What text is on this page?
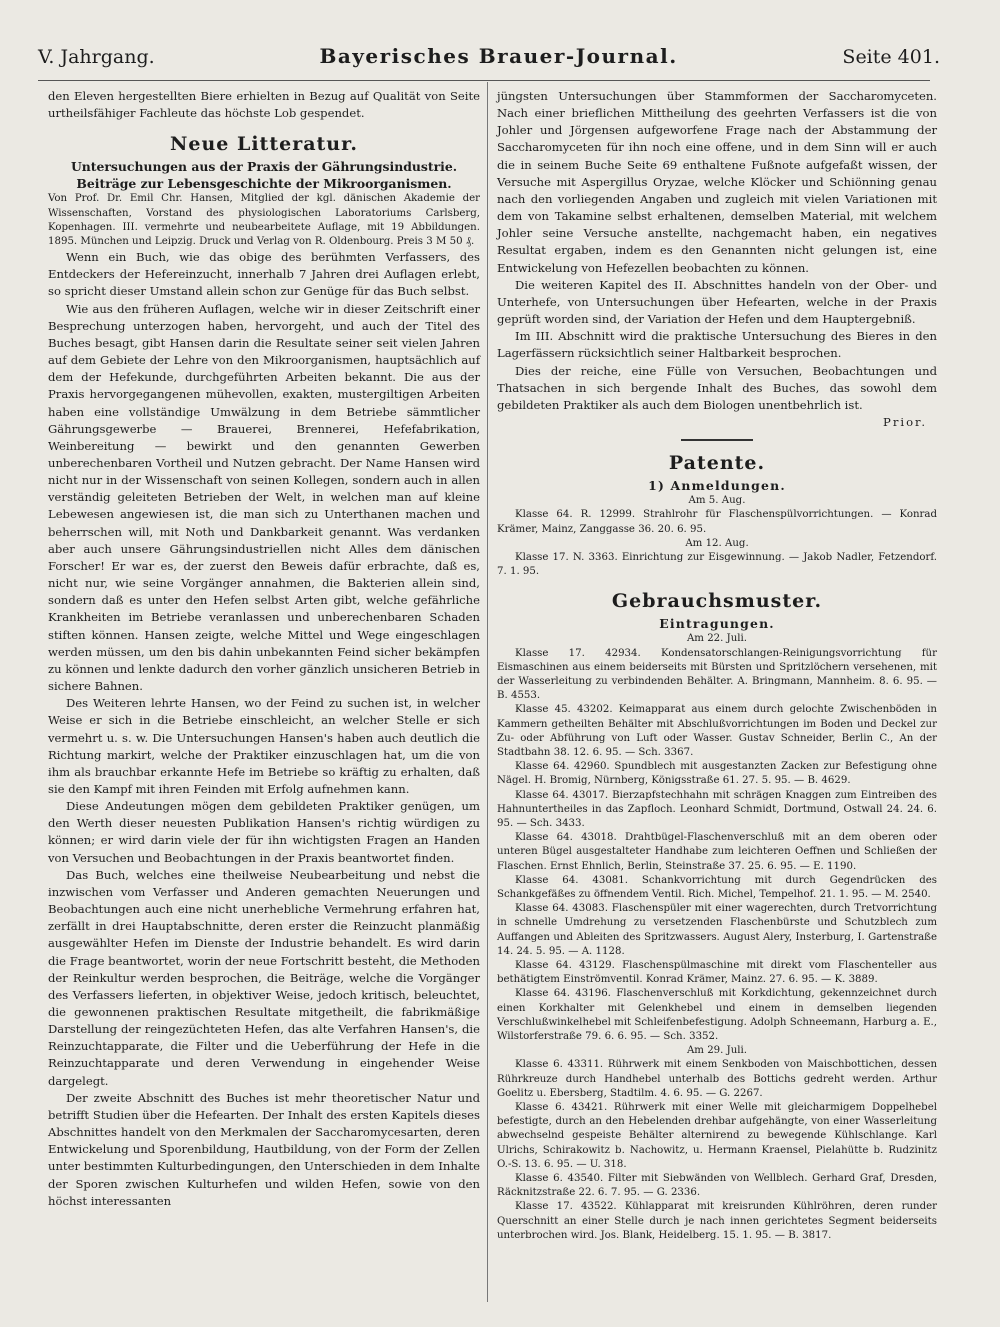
V. Jahrgang.	Bayerisches Brauer-Journal.	Seite 401.

den Eleven hergestellten Biere erhielten in Bezug auf Qualität von Seite urtheilsfähiger Fachleute das höchste Lob gespendet.

Neue Litteratur.
Untersuchungen aus der Praxis der Gährungsindustrie.
Beiträge zur Lebensgeschichte der Mikroorganismen.

Von Prof. Dr. Emil Chr. Hansen, Mitglied der kgl. dänischen Akademie der Wissenschaften, Vorstand des physiologischen Laboratoriums Carlsberg, Kopenhagen. III. vermehrte und neubearbeitete Auflage, mit 19 Abbildungen. 1895. München und Leipzig. Druck und Verlag von R. Oldenbourg. Preis 3 M 50 ₰.

Wenn ein Buch, wie das obige des berühmten Verfassers, des Entdeckers der Hefereinzucht, innerhalb 7 Jahren drei Auflagen erlebt, so spricht dieser Umstand allein schon zur Genüge für das Buch selbst.

Wie aus den früheren Auflagen, welche wir in dieser Zeitschrift einer Besprechung unterzogen haben, hervorgeht, und auch der Titel des Buches besagt, gibt Hansen darin die Resultate seiner seit vielen Jahren auf dem Gebiete der Lehre von den Mikroorganismen, hauptsächlich auf dem der Hefekunde, durchgeführten Arbeiten bekannt. Die aus der Praxis hervorgegangenen mühevollen, exakten, mustergiltigen Arbeiten haben eine vollständige Umwälzung in dem Betriebe sämmtlicher Gährungsgewerbe — Brauerei, Brennerei, Hefefabrikation, Weinbereitung — bewirkt und den genannten Gewerben unberechenbaren Vortheil und Nutzen gebracht. Der Name Hansen wird nicht nur in der Wissenschaft von seinen Kollegen, sondern auch in allen verständig geleiteten Betrieben der Welt, in welchen man auf kleine Lebewesen angewiesen ist, die man sich zu Unterthanen machen und beherrschen will, mit Noth und Dankbarkeit genannt. Was verdanken aber auch unsere Gährungsindustriellen nicht Alles dem dänischen Forscher! Er war es, der zuerst den Beweis dafür erbrachte, daß es, nicht nur, wie seine Vorgänger annahmen, die Bakterien allein sind, sondern daß es unter den Hefen selbst Arten gibt, welche gefährliche Krankheiten im Betriebe veranlassen und unberechenbaren Schaden stiften können. Hansen zeigte, welche Mittel und Wege eingeschlagen werden müssen, um den bis dahin unbekannten Feind sicher bekämpfen zu können und lenkte dadurch den vorher gänzlich unsicheren Betrieb in sichere Bahnen.

Des Weiteren lehrte Hansen, wo der Feind zu suchen ist, in welcher Weise er sich in die Betriebe einschleicht, an welcher Stelle er sich vermehrt u. s. w. Die Untersuchungen Hansen's haben auch deutlich die Richtung markirt, welche der Praktiker einzuschlagen hat, um die von ihm als brauchbar erkannte Hefe im Betriebe so kräftig zu erhalten, daß sie den Kampf mit ihren Feinden mit Erfolg aufnehmen kann.

Diese Andeutungen mögen dem gebildeten Praktiker genügen, um den Werth dieser neuesten Publikation Hansen's richtig würdigen zu können; er wird darin viele der für ihn wichtigsten Fragen an Handen von Versuchen und Beobachtungen in der Praxis beantwortet finden.

Das Buch, welches eine theilweise Neubearbeitung und nebst die inzwischen vom Verfasser und Anderen gemachten Neuerungen und Beobachtungen auch eine nicht unerhebliche Vermehrung erfahren hat, zerfällt in drei Hauptabschnitte, deren erster die Reinzucht planmäßig ausgewählter Hefen im Dienste der Industrie behandelt. Es wird darin die Frage beantwortet, worin der neue Fortschritt besteht, die Methoden der Reinkultur werden besprochen, die Beiträge, welche die Vorgänger des Verfassers lieferten, in objektiver Weise, jedoch kritisch, beleuchtet, die gewonnenen praktischen Resultate mitgetheilt, die fabrikmäßige Darstellung der reingezüchteten Hefen, das alte Verfahren Hansen's, die Reinzuchtapparate, die Filter und die Ueberführung der Hefe in die Reinzuchtapparate und deren Verwendung in eingehender Weise dargelegt.

Der zweite Abschnitt des Buches ist mehr theoretischer Natur und betrifft Studien über die Hefearten. Der Inhalt des ersten Kapitels dieses Abschnittes handelt von den Merkmalen der Saccharomycesarten, deren Entwickelung und Sporenbildung, Hautbildung, von der Form der Zellen unter bestimmten Kulturbedingungen, den Unterschieden in dem Inhalte der Sporen zwischen Kulturhefen und wilden Hefen, sowie von den höchst interessanten

jüngsten Untersuchungen über Stammformen der Saccharomyceten. Nach einer brieflichen Mittheilung des geehrten Verfassers ist die von Johler und Jörgensen aufgeworfene Frage nach der Abstammung der Saccharomyceten für ihn noch eine offene, und in dem Sinn will er auch die in seinem Buche Seite 69 enthaltene Fußnote aufgefaßt wissen, der Versuche mit Aspergillus Oryzae, welche Klöcker und Schiönning genau nach den vorliegenden Angaben und zugleich mit vielen Variationen mit dem von Takamine selbst erhaltenen, demselben Material, mit welchem Johler seine Versuche anstellte, nachgemacht haben, ein negatives Resultat ergaben, indem es den Genannten nicht gelungen ist, eine Entwickelung von Hefezellen beobachten zu können.

Die weiteren Kapitel des II. Abschnittes handeln von der Ober- und Unterhefe, von Untersuchungen über Hefearten, welche in der Praxis geprüft worden sind, der Variation der Hefen und dem Hauptergebniß.

Im III. Abschnitt wird die praktische Untersuchung des Bieres in den Lagerfässern rücksichtlich seiner Haltbarkeit besprochen.

Dies der reiche, eine Fülle von Versuchen, Beobachtungen und Thatsachen in sich bergende Inhalt des Buches, das sowohl dem gebildeten Praktiker als auch dem Biologen unentbehrlich ist.

Prior.
Patente.
1) Anmeldungen.

Am 5. Aug.

Klasse 64. R. 12999. Strahlrohr für Flaschenspülvorrichtungen. — Konrad Krämer, Mainz, Zanggasse 36. 20. 6. 95.

Am 12. Aug.

Klasse 17. N. 3363. Einrichtung zur Eisgewinnung. — Jakob Nadler, Fetzendorf. 7. 1. 95.

Gebrauchsmuster.
Eintragungen.

Am 22. Juli.

Klasse 17. 42934. Kondensatorschlangen-Reinigungsvorrichtung für Eismaschinen aus einem beiderseits mit Bürsten und Spritzlöchern versehenen, mit der Wasserleitung zu verbindenden Behälter. A. Bringmann, Mannheim. 8. 6. 95. — B. 4553.

Klasse 45. 43202. Keimapparat aus einem durch gelochte Zwischenböden in Kammern getheilten Behälter mit Abschlußvorrichtungen im Boden und Deckel zur Zu- oder Abführung von Luft oder Wasser. Gustav Schneider, Berlin C., An der Stadtbahn 38. 12. 6. 95. — Sch. 3367.

Klasse 64. 42960. Spundblech mit ausgestanzten Zacken zur Befestigung ohne Nägel. H. Bromig, Nürnberg, Königsstraße 61. 27. 5. 95. — B. 4629.

Klasse 64. 43017. Bierzapfstechhahn mit schrägen Knaggen zum Eintreiben des Hahnuntertheiles in das Zapfloch. Leonhard Schmidt, Dortmund, Ostwall 24. 24. 6. 95. — Sch. 3433.

Klasse 64. 43018. Drahtbügel-Flaschenverschluß mit an dem oberen oder unteren Bügel ausgestalteter Handhabe zum leichteren Oeffnen und Schließen der Flaschen. Ernst Ehnlich, Berlin, Steinstraße 37. 25. 6. 95. — E. 1190.

Klasse 64. 43081. Schankvorrichtung mit durch Gegendrücken des Schankgefäßes zu öffnendem Ventil. Rich. Michel, Tempelhof. 21. 1. 95. — M. 2540.

Klasse 64. 43083. Flaschenspüler mit einer wagerechten, durch Tretvorrichtung in schnelle Umdrehung zu versetzenden Flaschenbürste und Schutzblech zum Auffangen und Ableiten des Spritzwassers. August Alery, Insterburg, I. Gartenstraße 14. 24. 5. 95. — A. 1128.

Klasse 64. 43129. Flaschenspülmaschine mit direkt vom Flaschenteller aus bethätigtem Einströmventil. Konrad Krämer, Mainz. 27. 6. 95. — K. 3889.

Klasse 64. 43196. Flaschenverschluß mit Korkdichtung, gekennzeichnet durch einen Korkhalter mit Gelenkhebel und einem in demselben liegenden Verschlußwinkelhebel mit Schleifenbefestigung. Adolph Schneemann, Harburg a. E., Wilstorferstraße 79. 6. 6. 95. — Sch. 3352.

Am 29. Juli.

Klasse 6. 43311. Rührwerk mit einem Senkboden von Maischbottichen, dessen Rührkreuze durch Handhebel unterhalb des Bottichs gedreht werden. Arthur Goelitz u. Ebersberg, Stadtilm. 4. 6. 95. — G. 2267.

Klasse 6. 43421. Rührwerk mit einer Welle mit gleicharmigem Doppelhebel befestigte, durch an den Hebelenden drehbar aufgehängte, von einer Wasserleitung abwechselnd gespeiste Behälter alternirend zu bewegende Kühlschlange. Karl Ulrichs, Schirakowitz b. Nachowitz, u. Hermann Kraensel, Pielahütte b. Rudzinitz O.-S. 13. 6. 95. — U. 318.

Klasse 6. 43540. Filter mit Siebwänden von Wellblech. Gerhard Graf, Dresden, Räcknitzstraße 22. 6. 7. 95. — G. 2336.

Klasse 17. 43522. Kühlapparat mit kreisrunden Kühlröhren, deren runder Querschnitt an einer Stelle durch je nach innen gerichtetes Segment beiderseits unterbrochen wird. Jos. Blank, Heidelberg. 15. 1. 95. — B. 3817.
